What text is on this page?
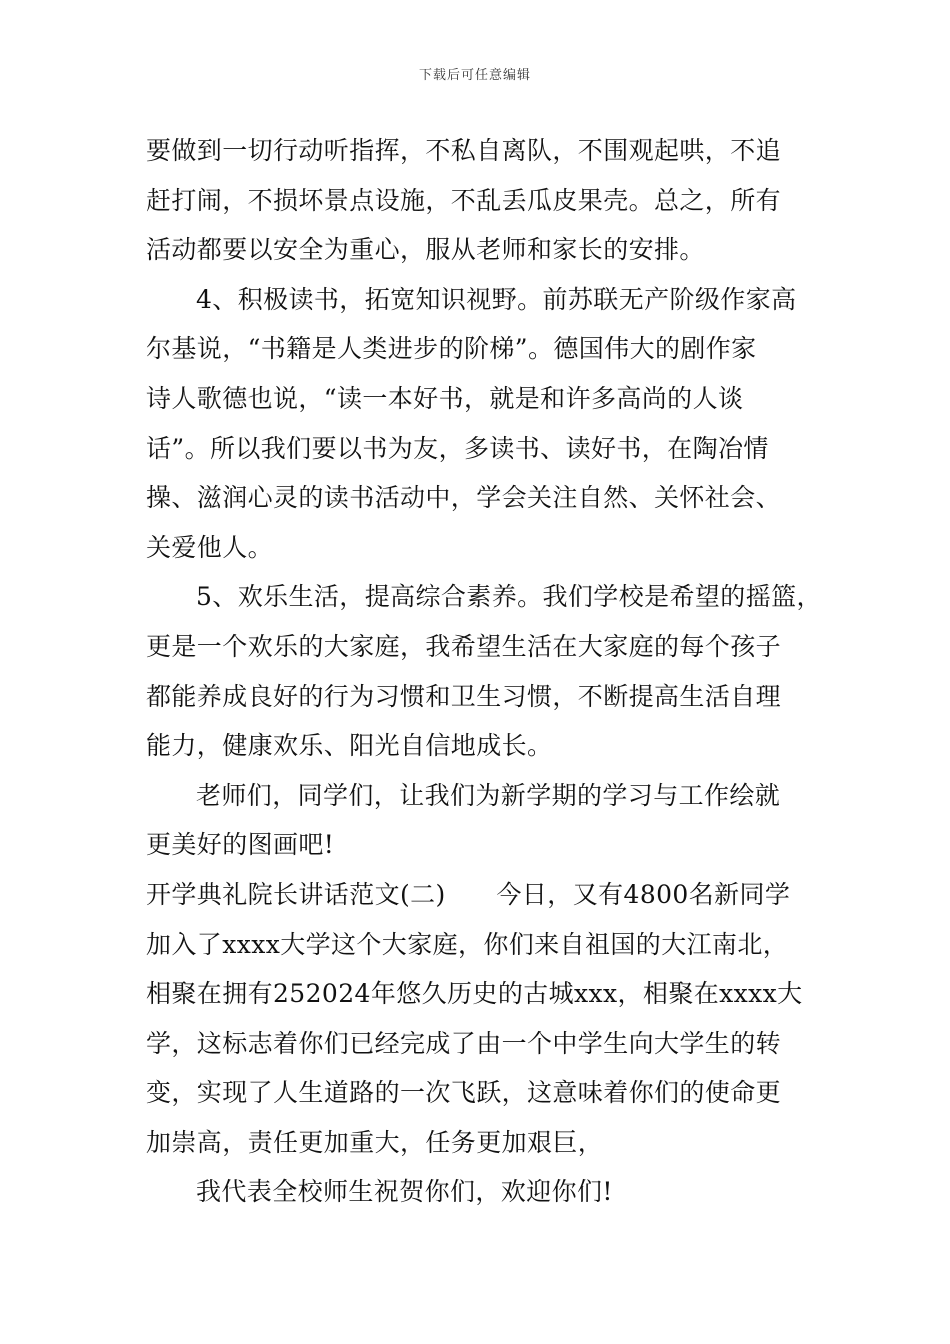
下载后可任意编辑
要做到一切行动听指挥，不私自离队，不围观起哄，不追
赶打闹，不损坏景点设施，不乱丢瓜皮果壳。总之，所有
活动都要以安全为重心，服从老师和家长的安排。
4、积极读书，拓宽知识视野。前苏联无产阶级作家高
尔基说，“书籍是人类进步的阶梯”。德国伟大的剧作家
诗人歌德也说，“读一本好书，就是和许多高尚的人谈
话”。所以我们要以书为友，多读书、读好书，在陶冶情
操、滋润心灵的读书活动中，学会关注自然、关怀社会、
关爱他人。
5、欢乐生活，提高综合素养。我们学校是希望的摇篮，
更是一个欢乐的大家庭，我希望生活在大家庭的每个孩子
都能养成良好的行为习惯和卫生习惯，不断提高生活自理
能力，健康欢乐、阳光自信地成长。
老师们，同学们，让我们为新学期的学习与工作绘就
更美好的图画吧!
开学典礼院长讲话范文(二)　　今日，又有4800名新同学
加入了xxxx大学这个大家庭，你们来自祖国的大江南北，
相聚在拥有252024年悠久历史的古城xxx，相聚在xxxx大
学，这标志着你们已经完成了由一个中学生向大学生的转
变，实现了人生道路的一次飞跃，这意味着你们的使命更
加崇高，责任更加重大，任务更加艰巨，
我代表全校师生祝贺你们，欢迎你们!
